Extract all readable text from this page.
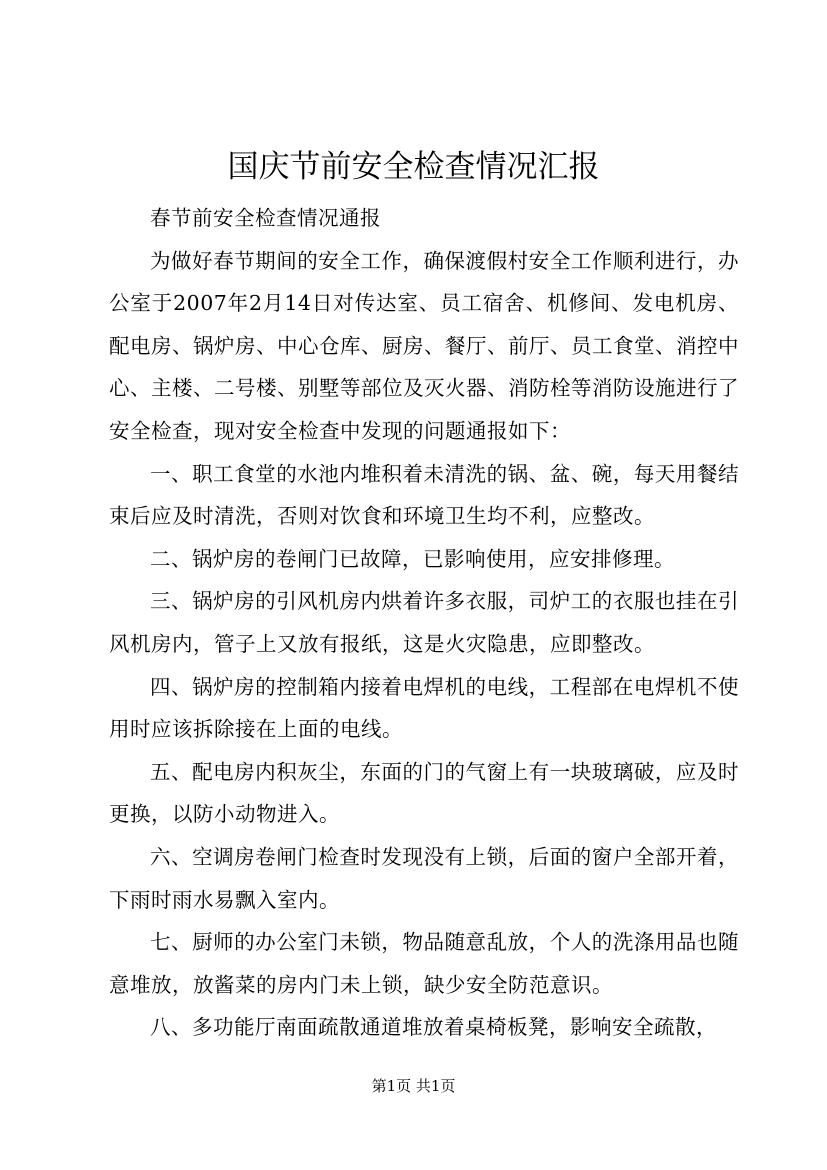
国庆节前安全检查情况汇报

春节前安全检查情况通报

为做好春节期间的安全工作，确保渡假村安全工作顺利进行，办公室于2007年2月14日对传达室、员工宿舍、机修间、发电机房、配电房、锅炉房、中心仓库、厨房、餐厅、前厅、员工食堂、消控中心、主楼、二号楼、别墅等部位及灭火器、消防栓等消防设施进行了安全检查，现对安全检查中发现的问题通报如下：

一、职工食堂的水池内堆积着未清洗的锅、盆、碗，每天用餐结束后应及时清洗，否则对饮食和环境卫生均不利，应整改。

二、锅炉房的卷闸门已故障，已影响使用，应安排修理。

三、锅炉房的引风机房内烘着许多衣服，司炉工的衣服也挂在引风机房内，管子上又放有报纸，这是火灾隐患，应即整改。

四、锅炉房的控制箱内接着电焊机的电线，工程部在电焊机不使用时应该拆除接在上面的电线。

五、配电房内积灰尘，东面的门的气窗上有一块玻璃破，应及时更换，以防小动物进入。

六、空调房卷闸门检查时发现没有上锁，后面的窗户全部开着，下雨时雨水易飘入室内。

七、厨师的办公室门未锁，物品随意乱放，个人的洗涤用品也随意堆放，放酱菜的房内门未上锁，缺少安全防范意识。

八、多功能厅南面疏散通道堆放着桌椅板凳，影响安全疏散，

第1页 共1页
